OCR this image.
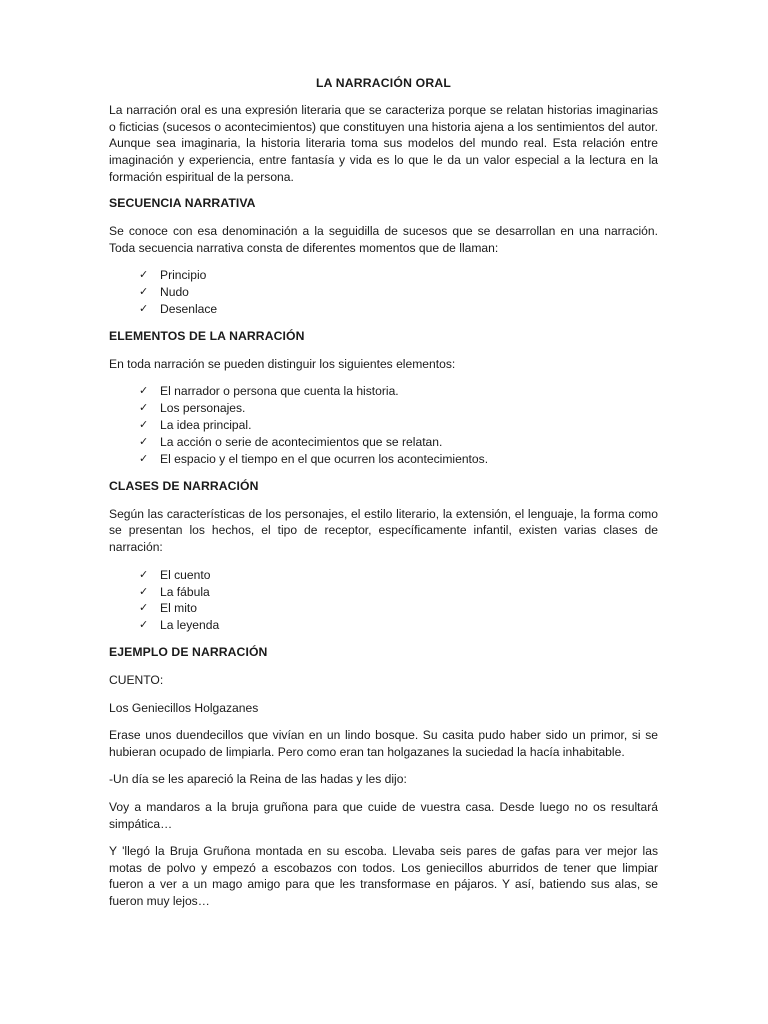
LA NARRACIÓN ORAL

La narración oral es una expresión literaria que se caracteriza porque se relatan historias imaginarias o ficticias (sucesos o acontecimientos) que constituyen una historia ajena a los sentimientos del autor. Aunque sea imaginaria, la historia literaria toma sus modelos del mundo real. Esta relación entre imaginación y experiencia, entre fantasía y vida es lo que le da un valor especial a la lectura en la formación espiritual de la persona.

SECUENCIA NARRATIVA

Se conoce con esa denominación a la seguidilla de sucesos que se desarrollan en una narración. Toda secuencia narrativa consta de diferentes momentos que de llaman:

✓ Principio
✓ Nudo
✓ Desenlace
ELEMENTOS DE LA NARRACIÓN

En toda narración se pueden distinguir los siguientes elementos:

✓ El narrador o persona que cuenta la historia.
✓ Los personajes.
✓ La idea principal.
✓ La acción o serie de acontecimientos que se relatan.
✓ El espacio y el tiempo en el que ocurren los acontecimientos.
CLASES DE NARRACIÓN

Según las características de los personajes, el estilo literario, la extensión, el lenguaje, la forma como se presentan los hechos, el tipo de receptor, específicamente infantil, existen varias clases de narración:

✓ El cuento
✓ La fábula
✓ El mito
✓ La leyenda
EJEMPLO DE NARRACIÓN

CUENTO:

Los Geniecillos Holgazanes

Erase unos duendecillos que vivían en un lindo bosque. Su casita pudo haber sido un primor, si se hubieran ocupado de limpiarla. Pero como eran tan holgazanes la suciedad la hacía inhabitable.

-Un día se les apareció la Reina de las hadas y les dijo:

Voy a mandaros a la bruja gruñona para que cuide de vuestra casa. Desde luego no os resultará simpática…

Y 'llegó la Bruja Gruñona montada en su escoba. Llevaba seis pares de gafas para ver mejor las motas de polvo y empezó a escobazos con todos. Los geniecillos aburridos de tener que limpiar fueron a ver a un mago amigo para que les transformase en pájaros. Y así, batiendo sus alas, se fueron muy lejos…
